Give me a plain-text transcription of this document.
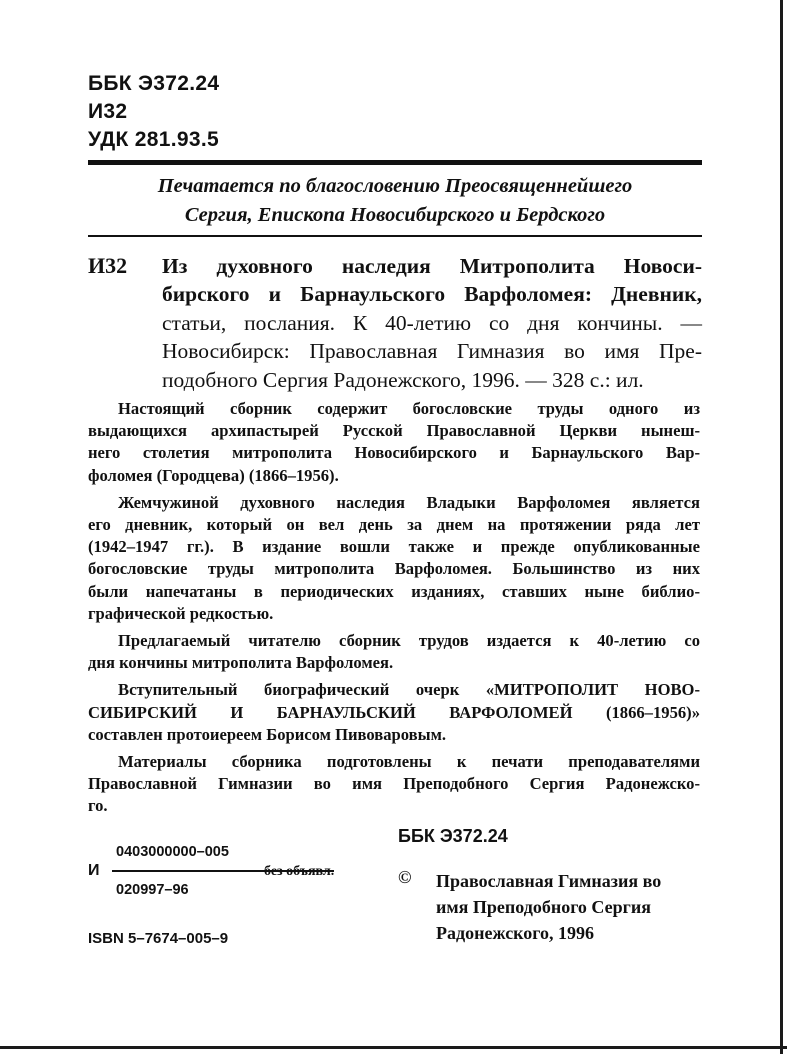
ББК Э372.24
И32
УДК 281.93.5
Печатается по благословению Преосвященнейшего
Сергия, Епископа Новосибирского и Бердского
И32 Из духовного наследия Митрополита Новоси-
бирского и Барнаульского Варфоломея: Дневник,
статьи, послания. К 40-летию со дня кончины. —
Новосибирск: Православная Гимназия во имя Пре-
подобного Сергия Радонежского, 1996. — 328 с.: ил.
Настоящий сборник содержит богословские труды одного из
выдающихся архипастырей Русской Православной Церкви нынеш-
него столетия митрополита Новосибирского и Барнаульского Вар-
фоломея (Городцева) (1866–1956).
Жемчужиной духовного наследия Владыки Варфоломея является
его дневник, который он вел день за днем на протяжении ряда лет
(1942–1947 гг.). В издание вошли также и прежде опубликованные
богословские труды митрополита Варфоломея. Большинство из них
были напечатаны в периодических изданиях, ставших ныне библио-
графической редкостью.
Предлагаемый читателю сборник трудов издается к 40-летию со
дня кончины митрополита Варфоломея.
Вступительный биографический очерк «МИТРОПОЛИТ НОВО-
СИБИРСКИЙ И БАРНАУЛЬСКИЙ ВАРФОЛОМЕЙ (1866–1956)»
составлен протоиереем Борисом Пивоваровым.
Материалы сборника подготовлены к печати преподавателями
Православной Гимназии во имя Преподобного Сергия Радонежско-
го.
0403000000–005
И
020997–96
без объявл.
ISBN 5–7674–005–9
ББК Э372.24
©	Православная Гимназия во
имя Преподобного Сергия
Радонежского, 1996
